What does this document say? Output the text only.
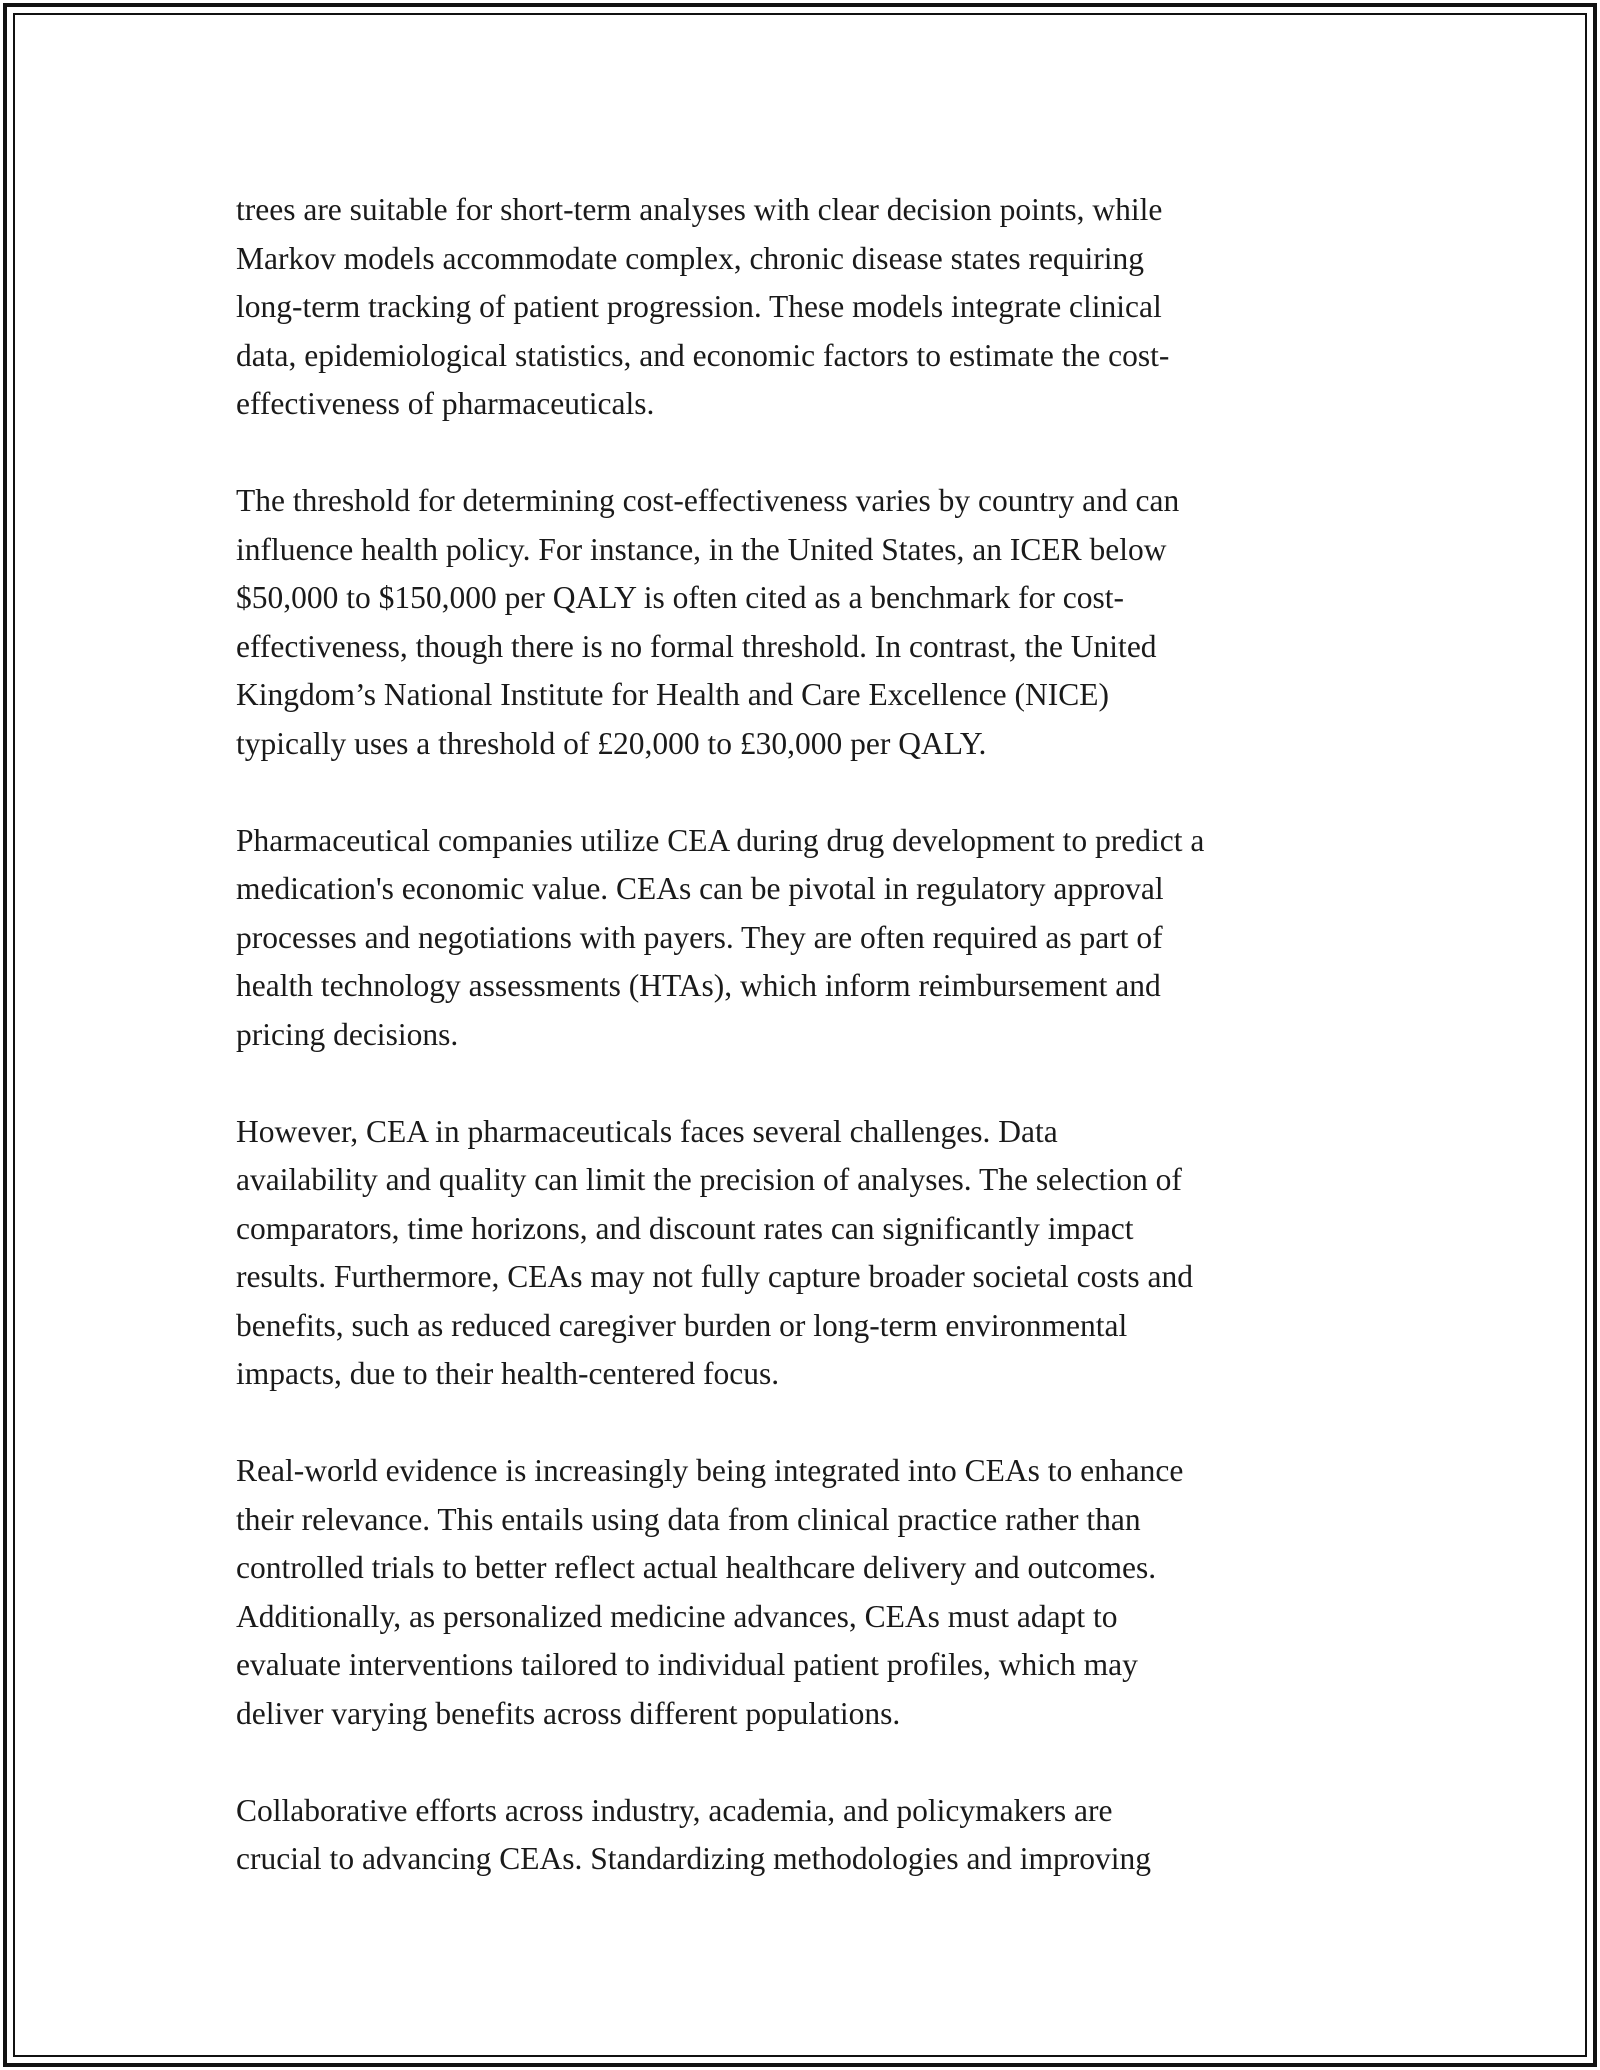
trees are suitable for short-term analyses with clear decision points, while
Markov models accommodate complex, chronic disease states requiring
long-term tracking of patient progression. These models integrate clinical
data, epidemiological statistics, and economic factors to estimate the cost-
effectiveness of pharmaceuticals.

The threshold for determining cost-effectiveness varies by country and can
influence health policy. For instance, in the United States, an ICER below
$50,000 to $150,000 per QALY is often cited as a benchmark for cost-
effectiveness, though there is no formal threshold. In contrast, the United
Kingdom’s National Institute for Health and Care Excellence (NICE)
typically uses a threshold of £20,000 to £30,000 per QALY.

Pharmaceutical companies utilize CEA during drug development to predict a
medication's economic value. CEAs can be pivotal in regulatory approval
processes and negotiations with payers. They are often required as part of
health technology assessments (HTAs), which inform reimbursement and
pricing decisions.

However, CEA in pharmaceuticals faces several challenges. Data
availability and quality can limit the precision of analyses. The selection of
comparators, time horizons, and discount rates can significantly impact
results. Furthermore, CEAs may not fully capture broader societal costs and
benefits, such as reduced caregiver burden or long-term environmental
impacts, due to their health-centered focus.

Real-world evidence is increasingly being integrated into CEAs to enhance
their relevance. This entails using data from clinical practice rather than
controlled trials to better reflect actual healthcare delivery and outcomes.
Additionally, as personalized medicine advances, CEAs must adapt to
evaluate interventions tailored to individual patient profiles, which may
deliver varying benefits across different populations.

Collaborative efforts across industry, academia, and policymakers are
crucial to advancing CEAs. Standardizing methodologies and improving
